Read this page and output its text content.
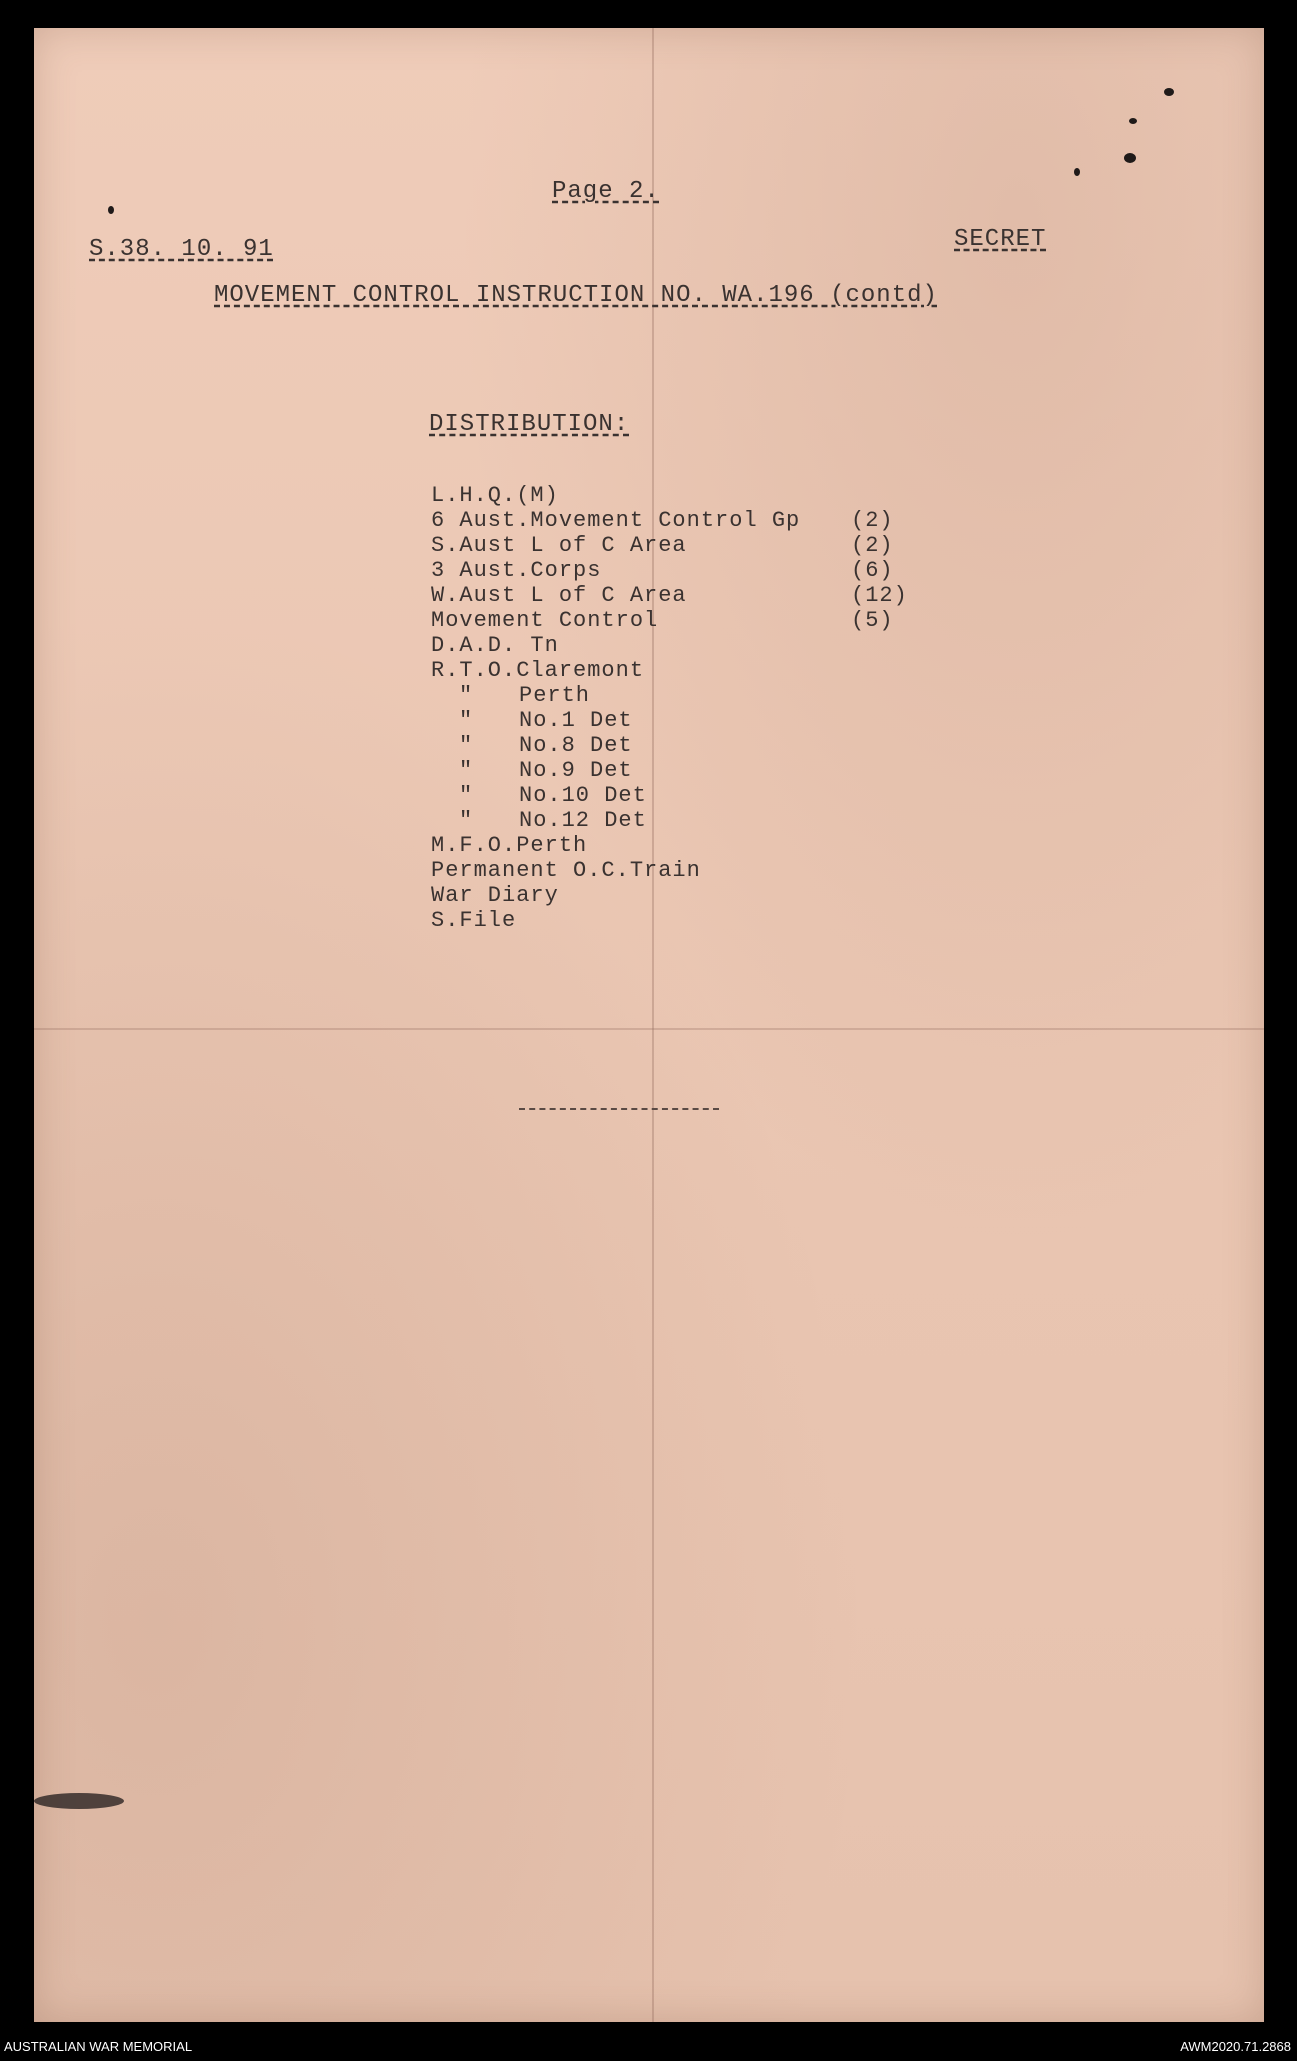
Page 2.
S.38. 10. 91	SECRET
MOVEMENT CONTROL INSTRUCTION NO. WA.196 (contd)
DISTRIBUTION:
L.H.Q.(M)
6 Aust.Movement Control Gp (2)
S.Aust L of C Area	(2)
3 Aust.Corps	(6)
W.Aust L of C Area	(12)
Movement Control	(5)
D.A.D. Tn
R.T.O.Claremont
" Perth
" No.1 Det
" No.8 Det
" No.9 Det
" No.10 Det
" No.12 Det
M.F.O.Perth
Permanent O.C.Train
War Diary
S.File
AUSTRALIAN WAR MEMORIAL	AWM2020.71.2868
